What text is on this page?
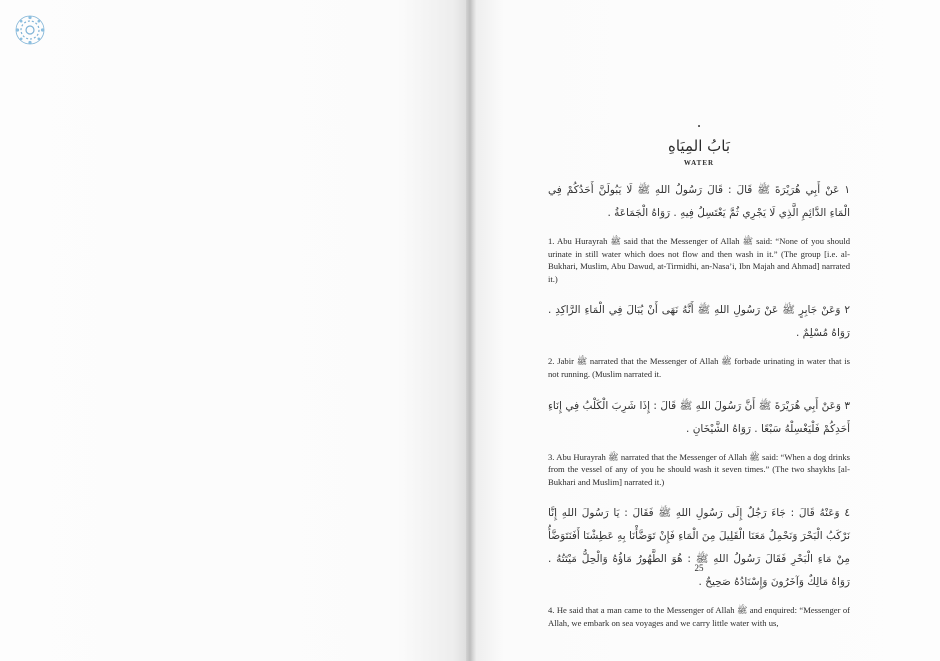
•
بَابُ المِيَاهِ
WATER
١ عَنْ أَبِي هُرَيْرَةَ ﷺ قَالَ : قَالَ رَسُولُ اللهِ ﷺ لَا يَبُولَنَّ أَحَدُكُمْ فِي الْمَاءِ الدَّائِمِ الَّذِي لَا يَجْرِي ثُمَّ يَغْتَسِلُ فِيهِ . رَوَاهُ الْجَمَاعَةُ .
1. Abu Hurayrah ﷺ said that the Messenger of Allah ﷺ said: “None of you should urinate in still water which does not flow and then wash in it.” (The group [i.e. al-Bukhari, Muslim, Abu Dawud, at-Tirmidhi, an-Nasa’i, Ibn Majah and Ahmad] narrated it.)
٢ وَعَنْ جَابِرٍ ﷺ عَنْ رَسُولِ اللهِ ﷺ أَنَّهُ نَهَى أَنْ يُبَالَ فِي الْمَاءِ الرَّاكِدِ . رَوَاهُ مُسْلِمٌ .
2. Jabir ﷺ narrated that the Messenger of Allah ﷺ forbade urinating in water that is not running. (Muslim narrated it.
٣ وَعَنْ أَبِي هُرَيْرَةَ ﷺ أَنَّ رَسُولَ اللهِ ﷺ قَالَ : إِذَا شَرِبَ الْكَلْبُ فِي إِنَاءِ أَحَدِكُمْ فَلْيَغْسِلْهُ سَبْعًا . رَوَاهُ الشَّيْخَانِ .
3. Abu Hurayrah ﷺ narrated that the Messenger of Allah ﷺ said: “When a dog drinks from the vessel of any of you he should wash it seven times.” (The two shaykhs [al-Bukhari and Muslim] narrated it.)
٤ وَعَنْهُ قَالَ : جَاءَ رَجُلٌ إِلَى رَسُولِ اللهِ ﷺ فَقَالَ : يَا رَسُولَ اللهِ إِنَّا نَرْكَبُ الْبَحْرَ وَنَحْمِلُ مَعَنَا الْقَلِيلَ مِنَ الْمَاءِ فَإِنْ تَوَضَّأْنَا بِهِ عَطِشْنَا أَفَنَتَوَضَّأُ مِنْ مَاءِ الْبَحْرِ فَقَالَ رَسُولُ اللهِ ﷺ : هُوَ الطَّهُورُ مَاؤُهُ وَالْحِلُّ مَيْتَتُهُ . رَوَاهُ مَالِكٌ وَآخَرُونَ وَإِسْنَادُهُ صَحِيحٌ .
4. He said that a man came to the Messenger of Allah ﷺ and enquired: “Messenger of Allah, we embark on sea voyages and we carry little water with us,
25
